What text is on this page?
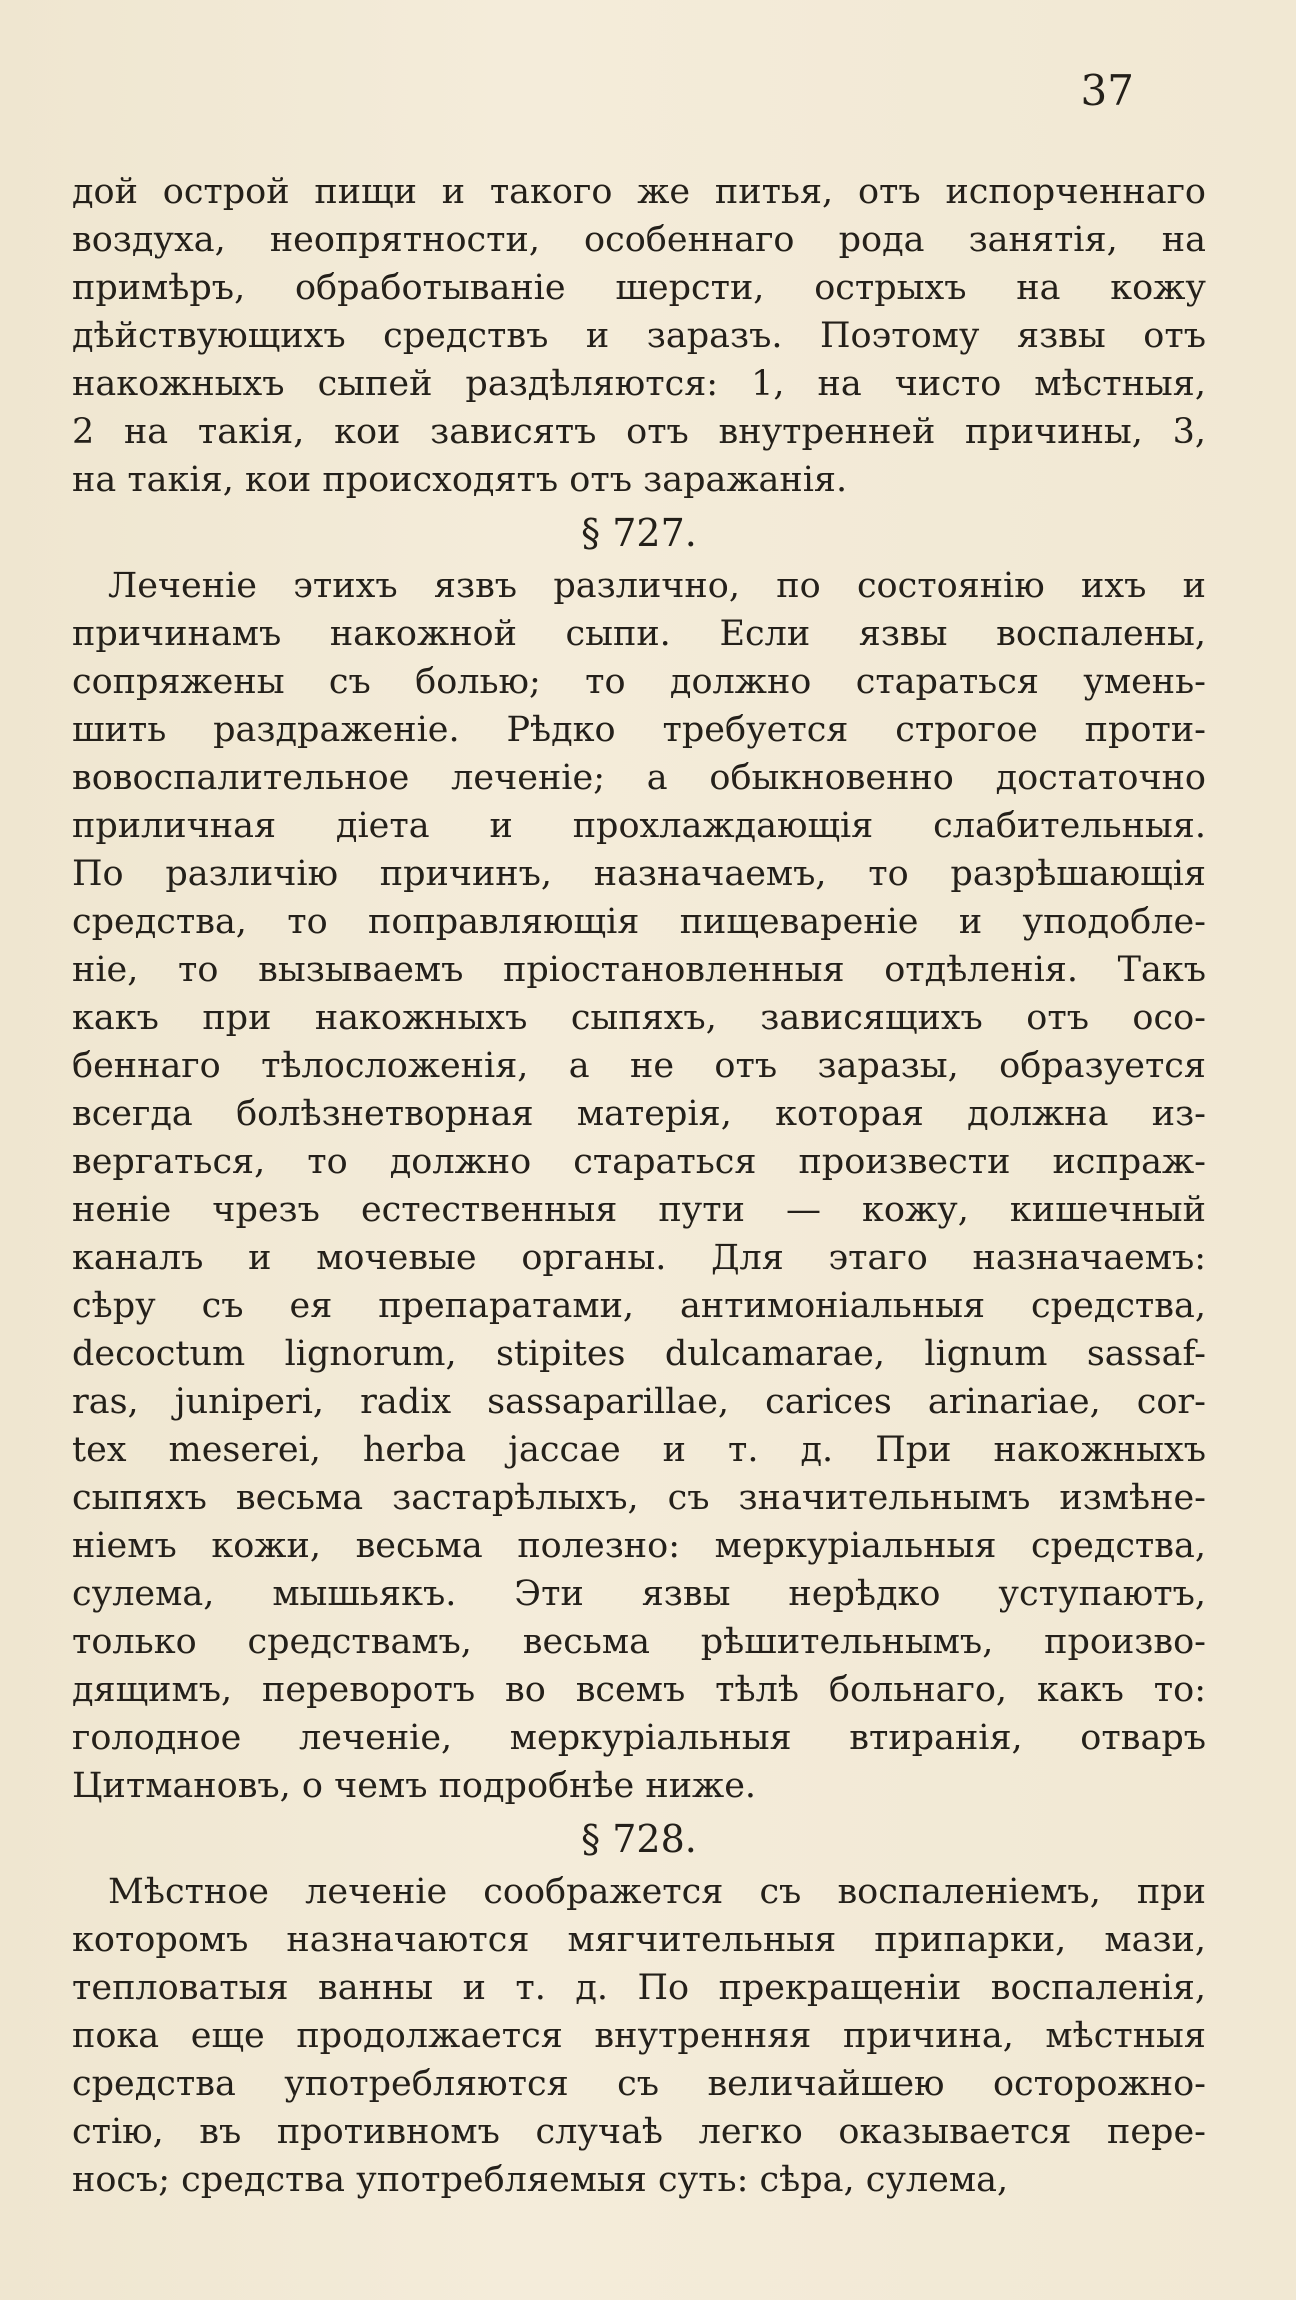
37
дой острой пищи и такого же питья, отъ испорченнаго
воздуха, неопрятности, особеннаго рода занятія, на
примѣръ, обработываніе шерсти, острыхъ на кожу
дѣйствующихъ средствъ и заразъ. Поэтому язвы отъ
накожныхъ сыпей раздѣляются: 1, на чисто мѣстныя,
2 на такія, кои зависятъ отъ внутренней причины, 3,
на такія, кои происходятъ отъ заражанія.
§ 727.
Леченіе этихъ язвъ различно, по состоянію ихъ и
причинамъ накожной сыпи. Если язвы воспалены,
сопряжены съ болью; то должно стараться умень-
шить раздраженіе. Рѣдко требуется строгое проти-
вовоспалительное леченіе; а обыкновенно достаточно
приличная діета и прохлаждающія слабительныя.
По различію причинъ, назначаемъ, то разрѣшающія
средства, то поправляющія пищевареніе и уподобле-
ніе, то вызываемъ пріостановленныя отдѣленія. Такъ
какъ при накожныхъ сыпяхъ, зависящихъ отъ осо-
беннаго тѣлосложенія, а не отъ заразы, образуется
всегда болѣзнетворная матерія, которая должна из-
вергаться, то должно стараться произвести испраж-
неніе чрезъ естественныя пути — кожу, кишечный
каналъ и мочевые органы. Для этаго назначаемъ:
сѣру съ ея препаратами, антимоніальныя средства,
decoctum lignorum, stipites dulcamarae, lignum sassaf-
ras, juniperi, radix sassaparillae, carices arinariae, cor-
tex meserei, herba jaccae и т. д. При накожныхъ
сыпяхъ весьма застарѣлыхъ, съ значительнымъ измѣне-
ніемъ кожи, весьма полезно: меркуріальныя средства,
сулема, мышьякъ. Эти язвы нерѣдко уступаютъ,
только средствамъ, весьма рѣшительнымъ, произво-
дящимъ, переворотъ во всемъ тѣлѣ больнаго, какъ то:
голодное леченіе, меркуріальныя втиранія, отваръ
Цитмановъ, о чемъ подробнѣе ниже.
§ 728.
Мѣстное леченіе соображется съ воспаленіемъ, при
которомъ назначаются мягчительныя припарки, мази,
тепловатыя ванны и т. д. По прекращеніи воспаленія,
пока еще продолжается внутренняя причина, мѣстныя
средства употребляются съ величайшею осторожно-
стію, въ противномъ случаѣ легко оказывается пере-
носъ; средства употребляемыя суть: сѣра, сулема,
